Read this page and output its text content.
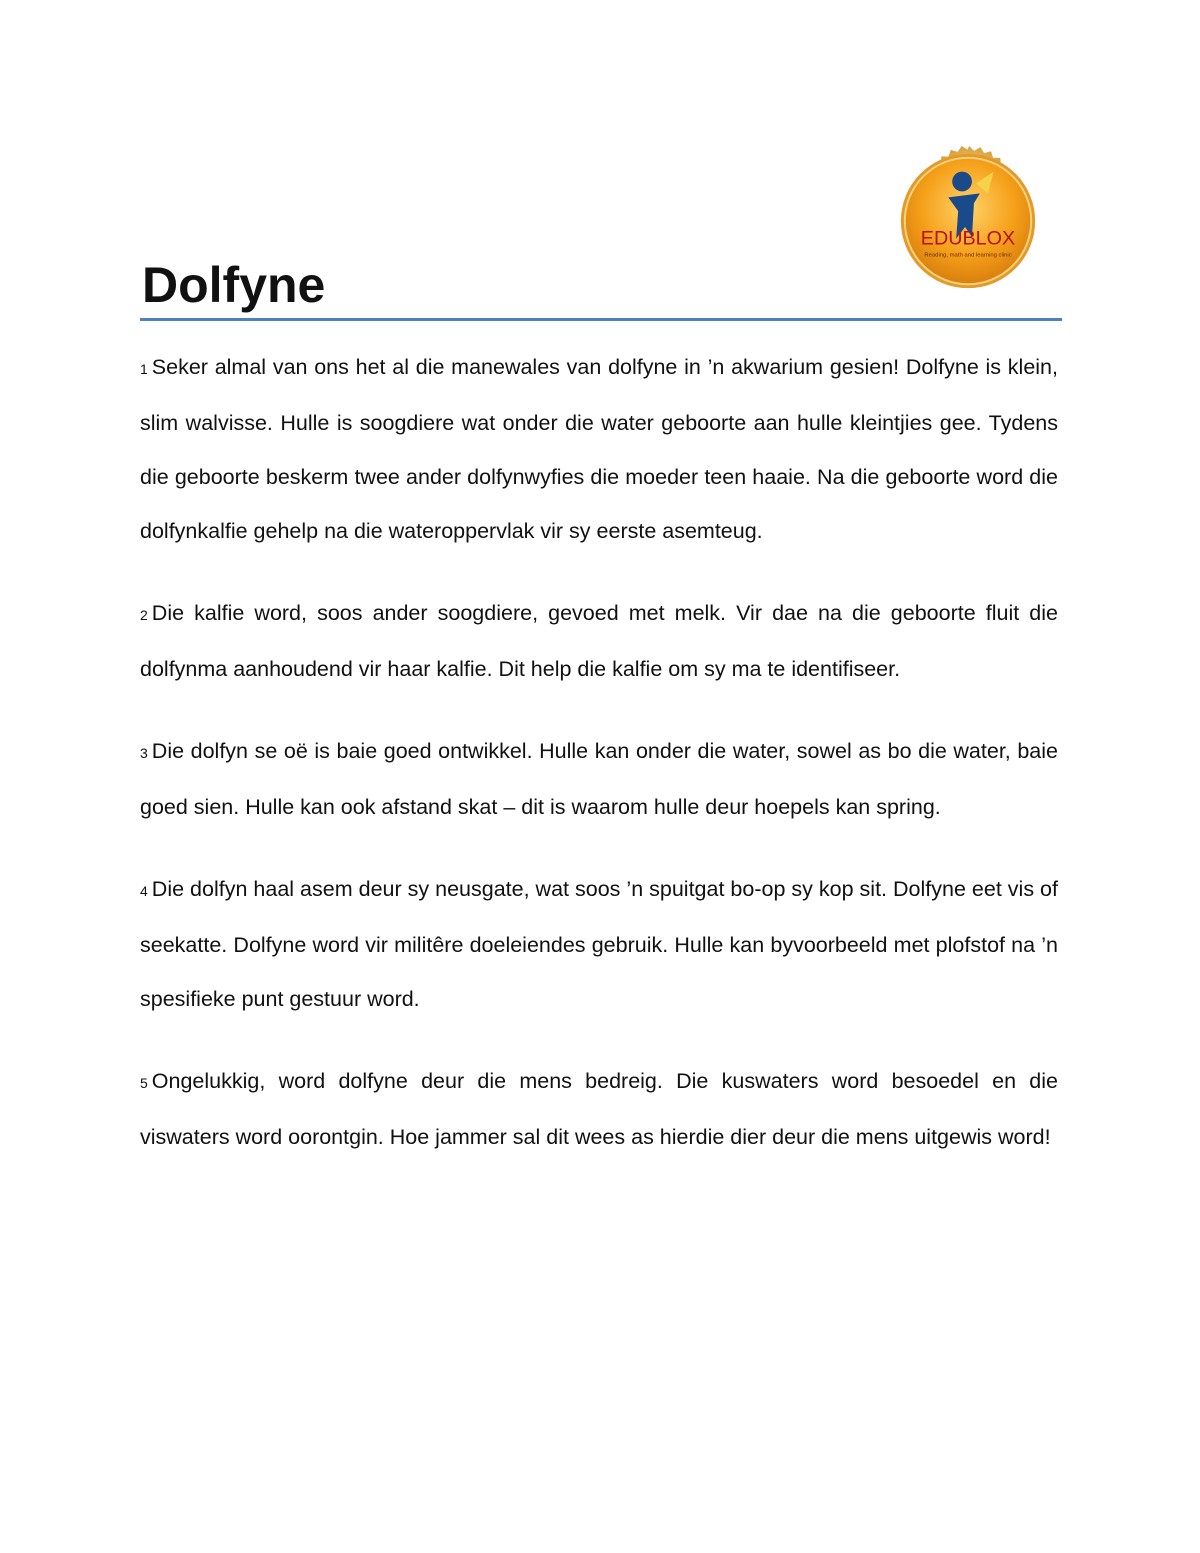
EDUBLOX
Reading, math and learning clinic
Dolfyne

1 Seker almal van ons het al die manewales van dolfyne in ’n akwarium gesien! Dolfyne is klein, slim walvisse. Hulle is soogdiere wat onder die water geboorte aan hulle kleintjies gee. Tydens die geboorte beskerm twee ander dolfynwyfies die moeder teen haaie. Na die geboorte word die dolfynkalfie gehelp na die wateroppervlak vir sy eerste asemteug.

2 Die kalfie word, soos ander soogdiere, gevoed met melk. Vir dae na die geboorte fluit die dolfynma aanhoudend vir haar kalfie. Dit help die kalfie om sy ma te identifiseer.

3 Die dolfyn se oë is baie goed ontwikkel. Hulle kan onder die water, sowel as bo die water, baie goed sien. Hulle kan ook afstand skat – dit is waarom hulle deur hoepels kan spring.

4 Die dolfyn haal asem deur sy neusgate, wat soos ’n spuitgat bo-op sy kop sit. Dolfyne eet vis of seekatte. Dolfyne word vir militêre doeleiendes gebruik. Hulle kan byvoorbeeld met plofstof na ’n spesifieke punt gestuur word.

5 Ongelukkig, word dolfyne deur die mens bedreig. Die kuswaters word besoedel en die viswaters word oorontgin. Hoe jammer sal dit wees as hierdie dier deur die mens uitgewis word!
